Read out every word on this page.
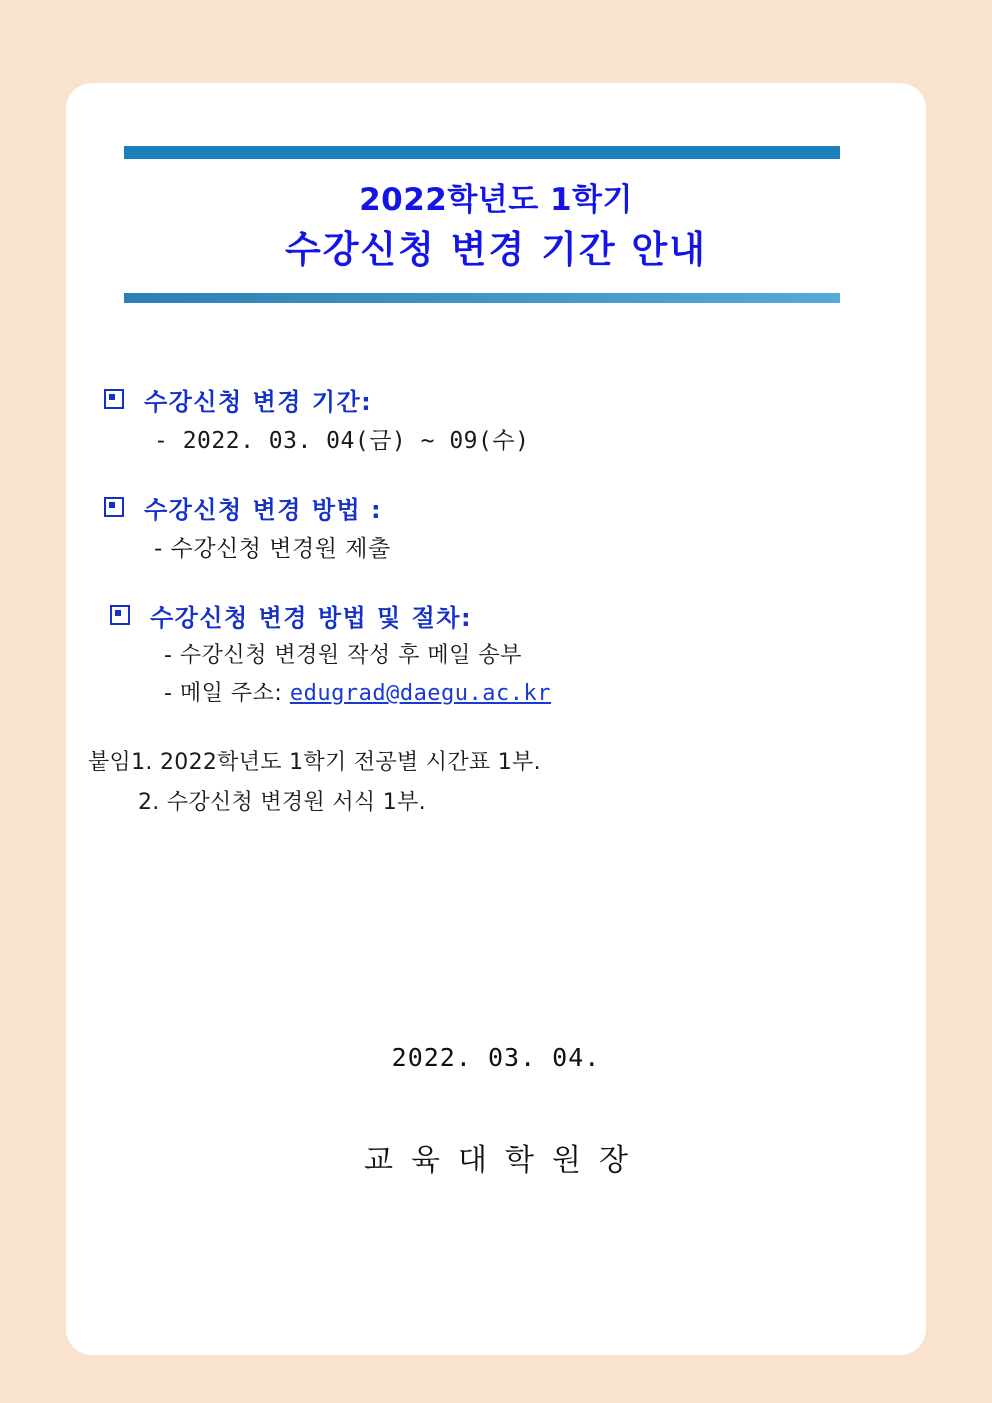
2022학년도 1학기
수강신청 변경 기간 안내
수강신청 변경 기간:
- 2022. 03. 04(금) ~ 09(수)
수강신청 변경 방법 :
- 수강신청 변경원 제출
수강신청 변경 방법 및 절차:
- 수강신청 변경원 작성 후 메일 송부
- 메일 주소: edugrad@daegu.ac.kr
붙임1. 2022학년도 1학기 전공별 시간표 1부.
2. 수강신청 변경원 서식 1부.
2022. 03. 04.
교육대학원장
